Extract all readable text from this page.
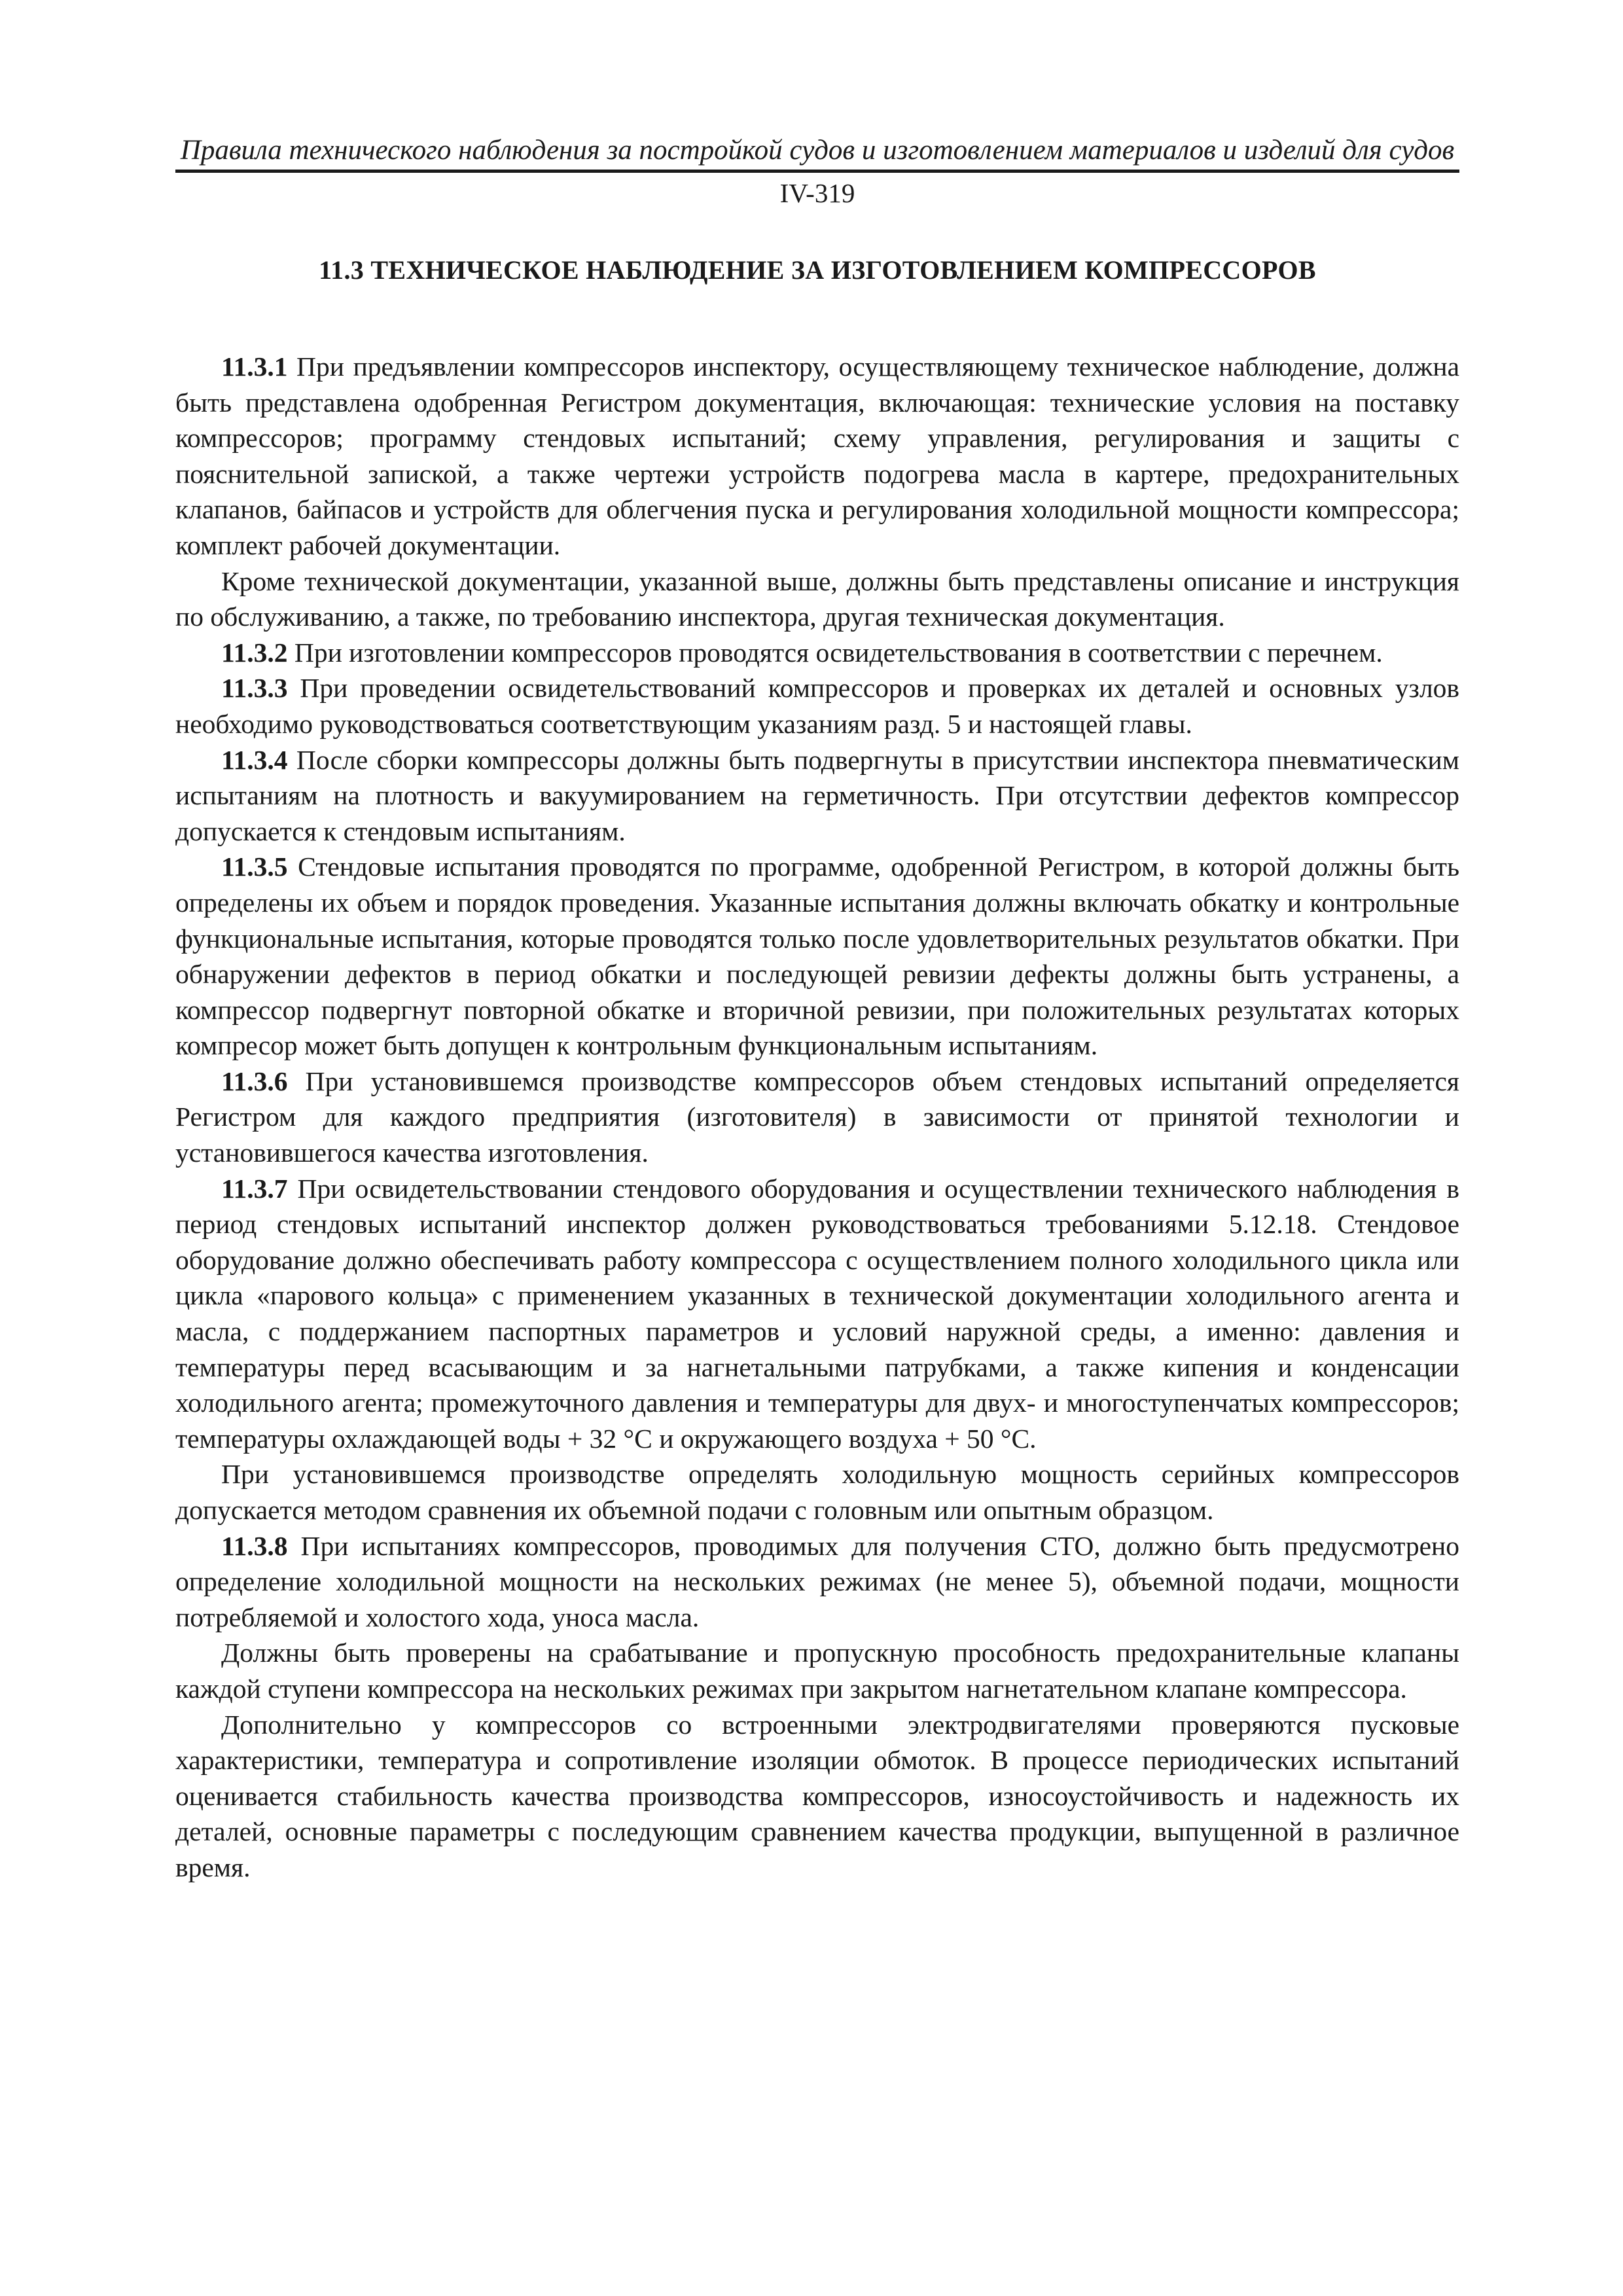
Правила технического наблюдения за постройкой судов и изготовлением материалов и изделий для судов
IV-319
11.3 ТЕХНИЧЕСКОЕ НАБЛЮДЕНИЕ ЗА ИЗГОТОВЛЕНИЕМ КОМПРЕССОРОВ

11.3.1 При предъявлении компрессоров инспектору, осуществляющему техническое наблюдение, должна быть представлена одобренная Регистром документация, включающая: технические условия на поставку компрессоров; программу стендовых испытаний; схему управления, регулирования и защиты с пояснительной запиской, а также чертежи устройств подогрева масла в картере, предохранительных клапанов, байпасов и устройств для облегчения пуска и регулирования холодильной мощности компрессора; комплект рабочей документации.

Кроме технической документации, указанной выше, должны быть представлены описание и инструкция по обслуживанию, а также, по требованию инспектора, другая техническая документация.

11.3.2 При изготовлении компрессоров проводятся освидетельствования в соответствии с перечнем.

11.3.3 При проведении освидетельствований компрессоров и проверках их деталей и основных узлов необходимо руководствоваться соответствующим указаниям разд. 5 и настоящей главы.

11.3.4 После сборки компрессоры должны быть подвергнуты в присутствии инспектора пневматическим испытаниям на плотность и вакуумированием на герметичность. При отсутствии дефектов компрессор допускается к стендовым испытаниям.

11.3.5 Стендовые испытания проводятся по программе, одобренной Регистром, в которой должны быть определены их объем и порядок проведения. Указанные испытания должны включать обкатку и контрольные функциональные испытания, которые проводятся только после удовлетворительных результатов обкатки. При обнаружении дефектов в период обкатки и последующей ревизии дефекты должны быть устранены, а компрессор подвергнут повторной обкатке и вторичной ревизии, при положительных результатах которых компресор может быть допущен к контрольным функциональным испытаниям.

11.3.6 При установившемся производстве компрессоров объем стендовых испытаний определяется Регистром для каждого предприятия (изготовителя) в зависимости от принятой технологии и установившегося качества изготовления.

11.3.7 При освидетельствовании стендового оборудования и осуществлении технического наблюдения в период стендовых испытаний инспектор должен руководствоваться требованиями 5.12.18. Стендовое оборудование должно обеспечивать работу компрессора с осуществлением полного холодильного цикла или цикла «парового кольца» с применением указанных в технической документации холодильного агента и масла, с поддержанием паспортных параметров и условий наружной среды, а именно: давления и температуры перед всасывающим и за нагнетальными патрубками, а также кипения и конденсации холодильного агента; промежуточного давления и температуры для двух- и многоступенчатых компрессоров; температуры охлаждающей воды + 32 °С и окружающего воздуха + 50 °С.

При установившемся производстве определять холодильную мощность серийных компрессоров допускается методом сравнения их объемной подачи с головным или опытным образцом.

11.3.8 При испытаниях компрессоров, проводимых для получения СТО, должно быть предусмотрено определение холодильной мощности на нескольких режимах (не менее 5), объемной подачи, мощности потребляемой и холостого хода, уноса масла.

Должны быть проверены на срабатывание и пропускную прособность предохранительные клапаны каждой ступени компрессора на нескольких режимах при закрытом нагнетательном клапане компрессора.

Дополнительно у компрессоров со встроенными электродвигателями проверяются пусковые характеристики, температура и сопротивление изоляции обмоток. В процессе периодических испытаний оценивается стабильность качества производства компрессоров, износоустойчивость и надежность их деталей, основные параметры с последующим сравнением качества продукции, выпущенной в различное время.
